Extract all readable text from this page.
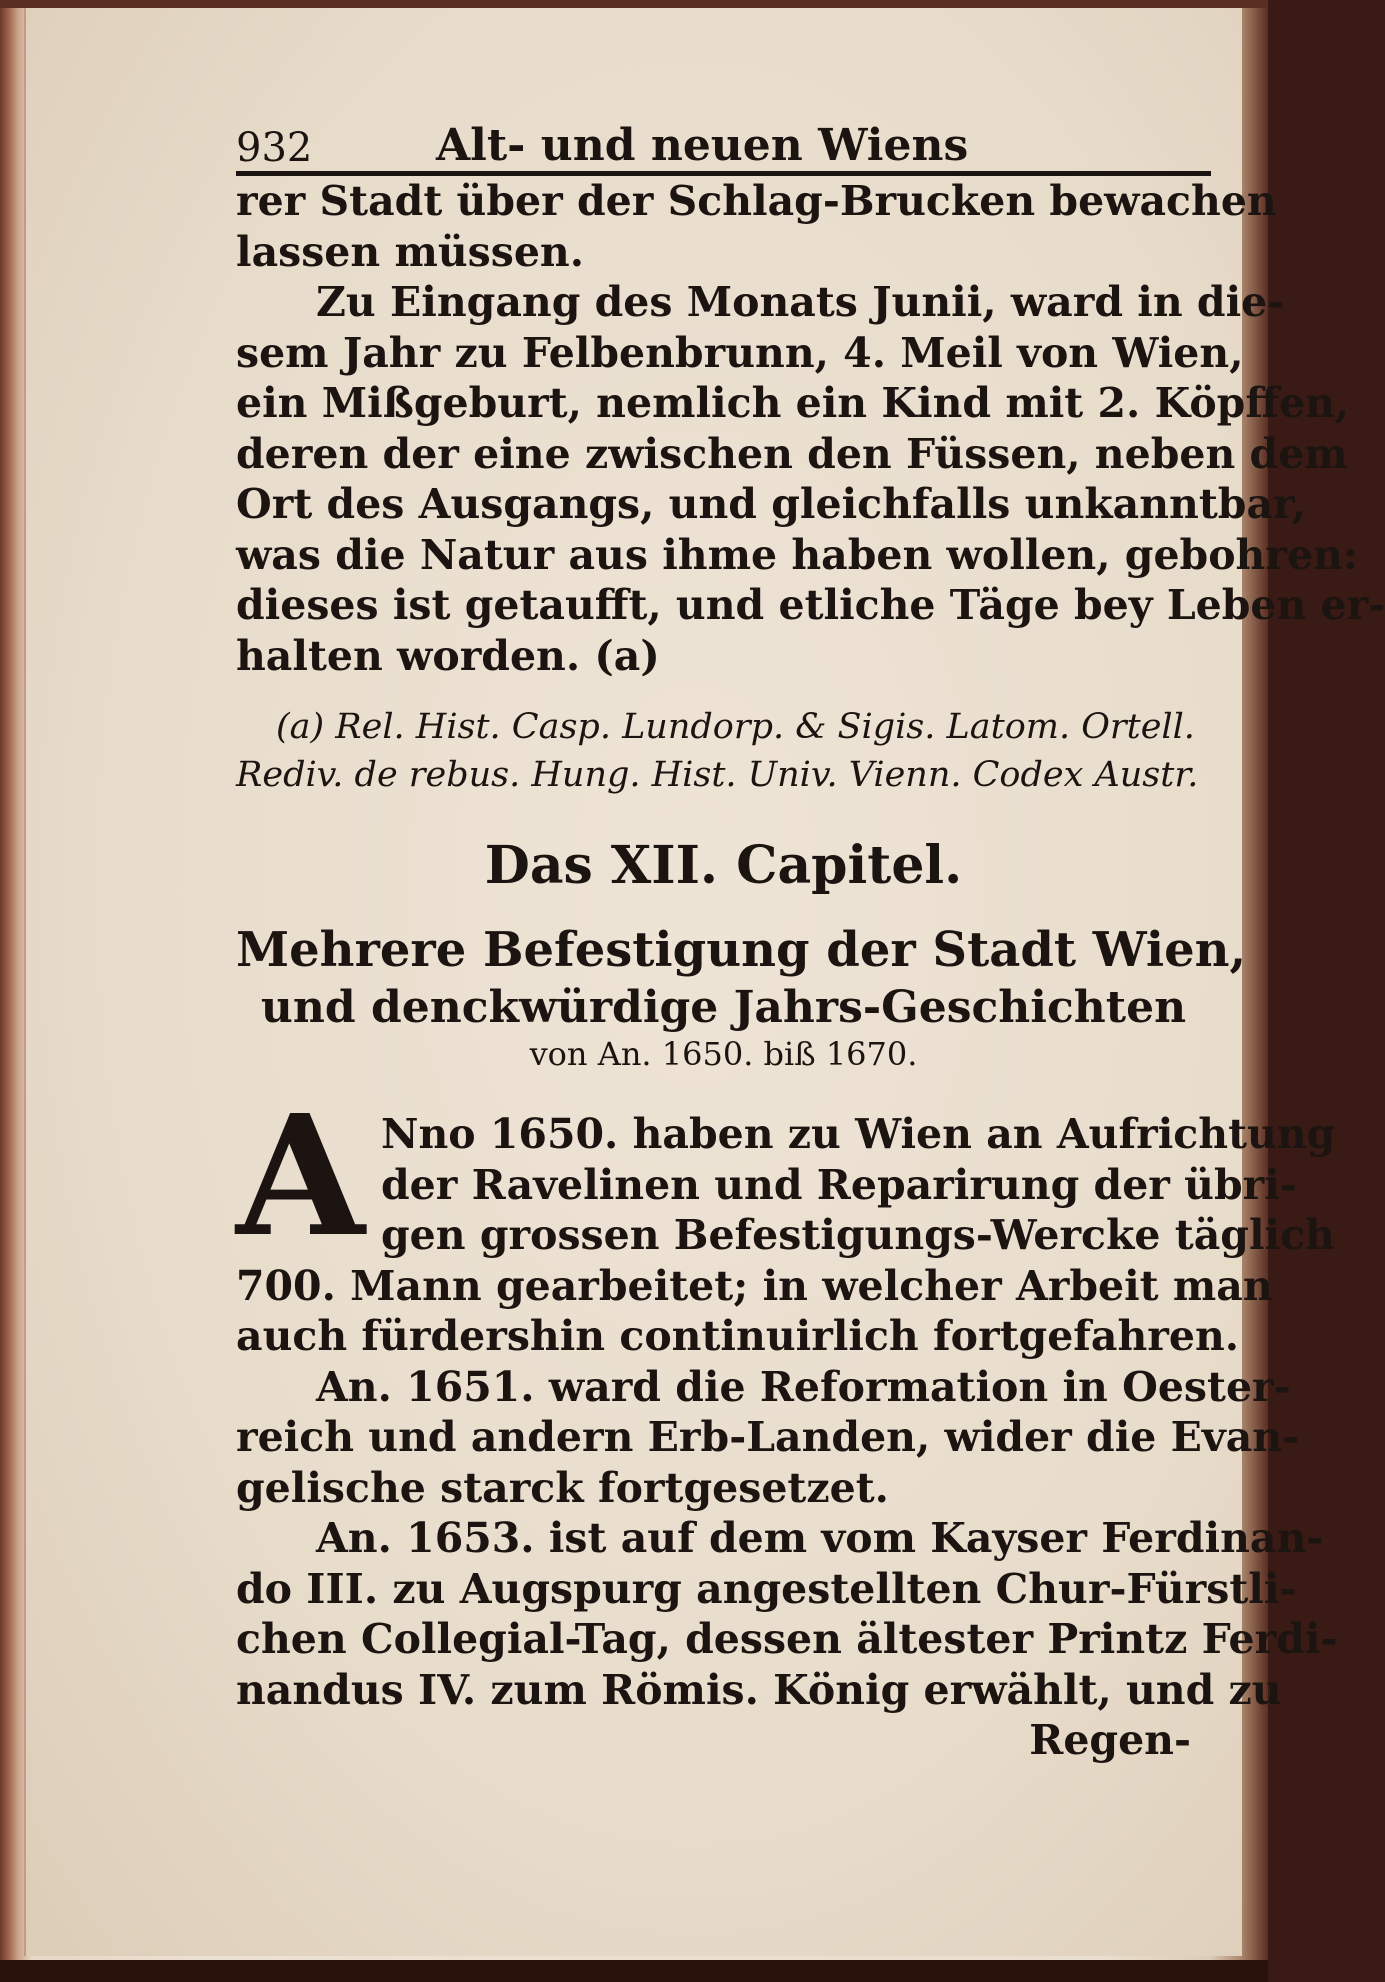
932	Alt- und neuen Wiens
rer Stadt über der Schlag-Brucken bewachen
lassen müssen.
Zu Eingang des Monats Junii, ward in die-
sem Jahr zu Felbenbrunn, 4. Meil von Wien,
ein Mißgeburt, nemlich ein Kind mit 2. Köpffen,
deren der eine zwischen den Füssen, neben dem
Ort des Ausgangs, und gleichfalls unkanntbar,
was die Natur aus ihme haben wollen, gebohren:
dieses ist getaufft, und etliche Täge bey Leben er-
halten worden. (a)
(a) Rel. Hist. Casp. Lundorp. & Sigis. Latom. Ortell.
Rediv. de rebus. Hung. Hist. Univ. Vienn. Codex Austr.
Das XII. Capitel.
Mehrere Befestigung der Stadt Wien,
und denckwürdige Jahrs-Geschichten
von An. 1650. biß 1670.
A Nno 1650. haben zu Wien an Aufrichtung
der Ravelinen und Reparirung der übri-
gen grossen Befestigungs-Wercke täglich
700. Mann gearbeitet; in welcher Arbeit man
auch fürdershin continuirlich fortgefahren.
An. 1651. ward die Reformation in Oester-
reich und andern Erb-Landen, wider die Evan-
gelische starck fortgesetzet.
An. 1653. ist auf dem vom Kayser Ferdinan-
do III. zu Augspurg angestellten Chur-Fürstli-
chen Collegial-Tag, dessen ältester Printz Ferdi-
nandus IV. zum Römis. König erwählt, und zu
Regen-
